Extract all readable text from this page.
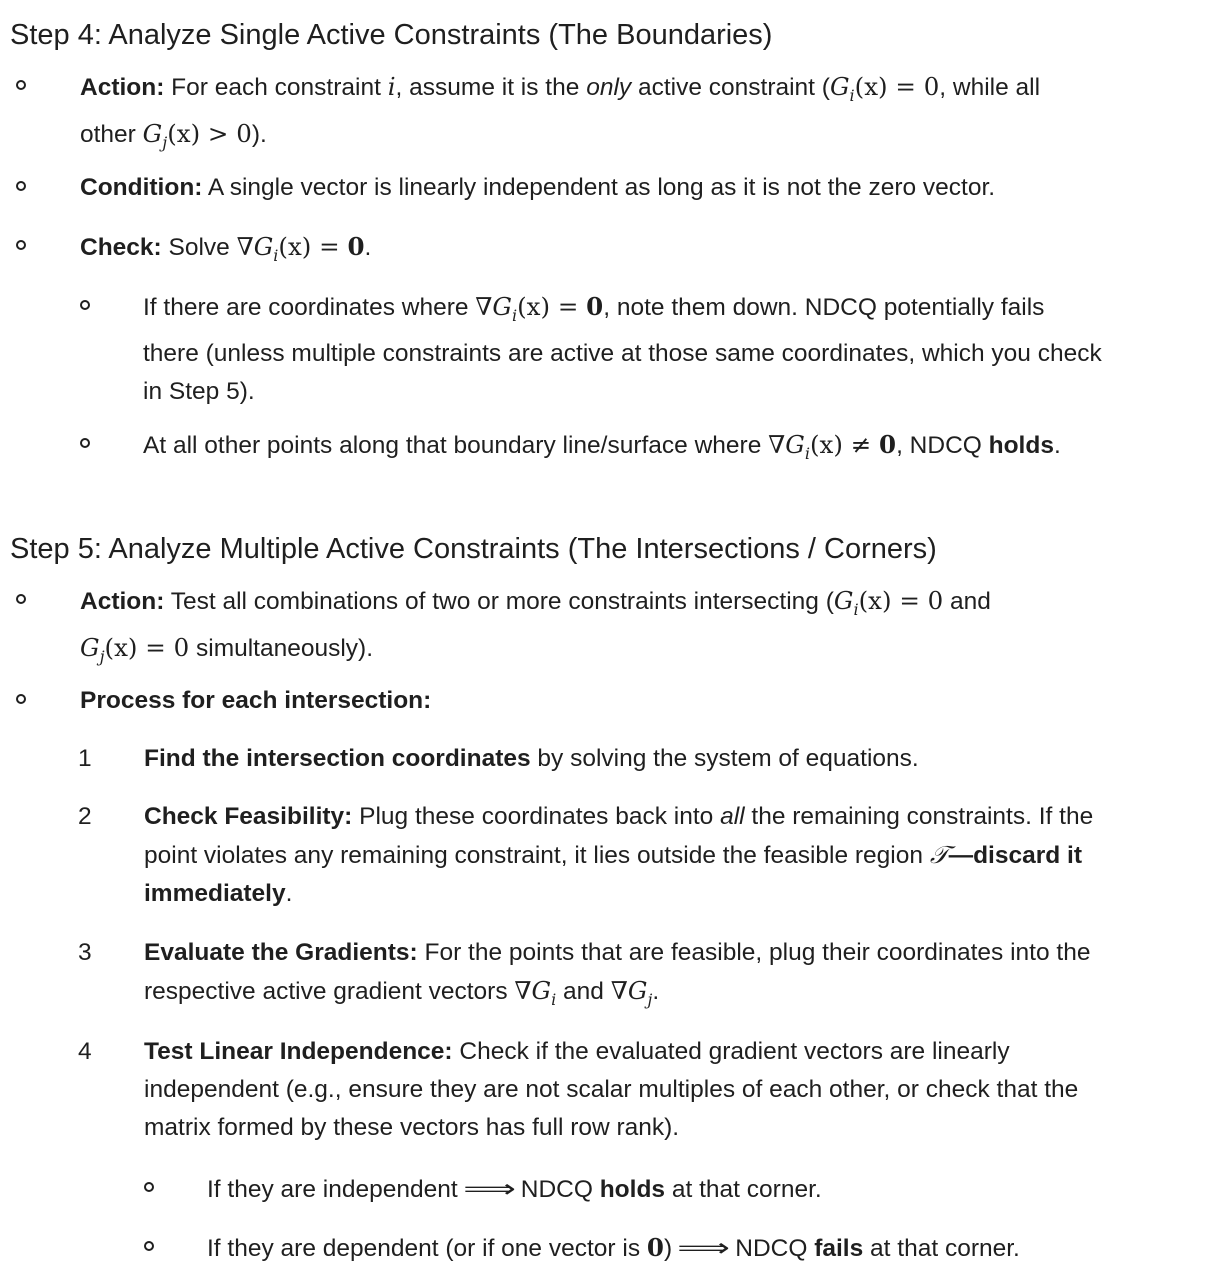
Step 4: Analyze Single Active Constraints (The Boundaries)
Action: For each constraint i, assume it is the only active constraint ($G_i(x) = 0$, while all
other $G_j(x) > 0$).
Condition: A single vector is linearly independent as long as it is not the zero vector.
Check: Solve $\nabla G_i(x) = 0$.
If there are coordinates where $\nabla G_i(x) = 0$, note them down. NDCQ potentially fails
there (unless multiple constraints are active at those same coordinates, which you check
in Step 5).
At all other points along that boundary line/surface where $\nabla G_i(x) \ne 0$, NDCQ holds.
Step 5: Analyze Multiple Active Constraints (The Intersections / Corners)
Action: Test all combinations of two or more constraints intersecting ($G_i(x) = 0$ and
$G_j(x) = 0$ simultaneously).
Process for each intersection:
1 Find the intersection coordinates by solving the system of equations.
2 Check Feasibility: Plug these coordinates back into all the remaining constraints. If the
point violates any remaining constraint, it lies outside the feasible region 𝒯—discard it
immediately.
3 Evaluate the Gradients: For the points that are feasible, plug their coordinates into the
respective active gradient vectors $\nabla G_i$ and $\nabla G_j$.
4 Test Linear Independence: Check if the evaluated gradient vectors are linearly
independent (e.g., ensure they are not scalar multiples of each other, or check that the
matrix formed by these vectors has full row rank).
If they are independent ⟹ NDCQ holds at that corner.
If they are dependent (or if one vector is 0) ⟹ NDCQ fails at that corner.
